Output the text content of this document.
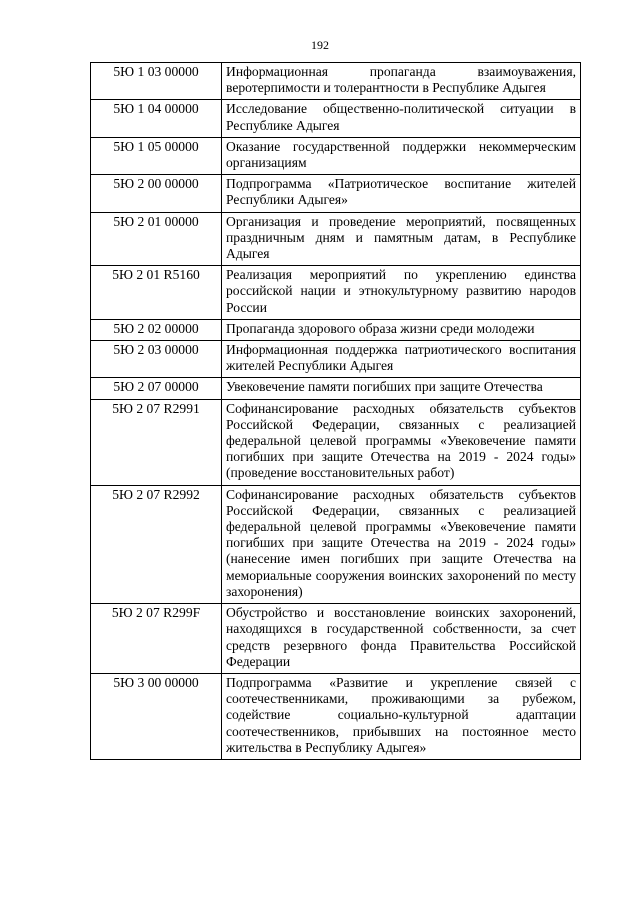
192
5Ю 1 03 00000	Информационная пропаганда взаимоуважения, веротерпимости и толерантности в Республике Адыгея
5Ю 1 04 00000	Исследование общественно-политической ситуации в Республике Адыгея
5Ю 1 05 00000	Оказание государственной поддержки некоммерческим организациям
5Ю 2 00 00000	Подпрограмма «Патриотическое воспитание жителей Республики Адыгея»
5Ю 2 01 00000	Организация и проведение мероприятий, посвященных праздничным дням и памятным датам, в Республике Адыгея
5Ю 2 01 R5160	Реализация мероприятий по укреплению единства российской нации и этнокультурному развитию народов России
5Ю 2 02 00000	Пропаганда здорового образа жизни среди молодежи
5Ю 2 03 00000	Информационная поддержка патриотического воспитания жителей Республики Адыгея
5Ю 2 07 00000	Увековечение памяти погибших при защите Отечества
5Ю 2 07 R2991	Софинансирование расходных обязательств субъектов Российской Федерации, связанных с реализацией федеральной целевой программы «Увековечение памяти погибших при защите Отечества на 2019 - 2024 годы» (проведение восстановительных работ)
5Ю 2 07 R2992	Софинансирование расходных обязательств субъектов Российской Федерации, связанных с реализацией федеральной целевой программы «Увековечение памяти погибших при защите Отечества на 2019 - 2024 годы» (нанесение имен погибших при защите Отечества на мемориальные сооружения воинских захоронений по месту захоронения)
5Ю 2 07 R299F	Обустройство и восстановление воинских захоронений, находящихся в государственной собственности, за счет средств резервного фонда Правительства Российской Федерации
5Ю 3 00 00000	Подпрограмма «Развитие и укрепление связей с соотечественниками, проживающими за рубежом, содействие социально-культурной адаптации соотечественников, прибывших на постоянное место жительства в Республику Адыгея»
